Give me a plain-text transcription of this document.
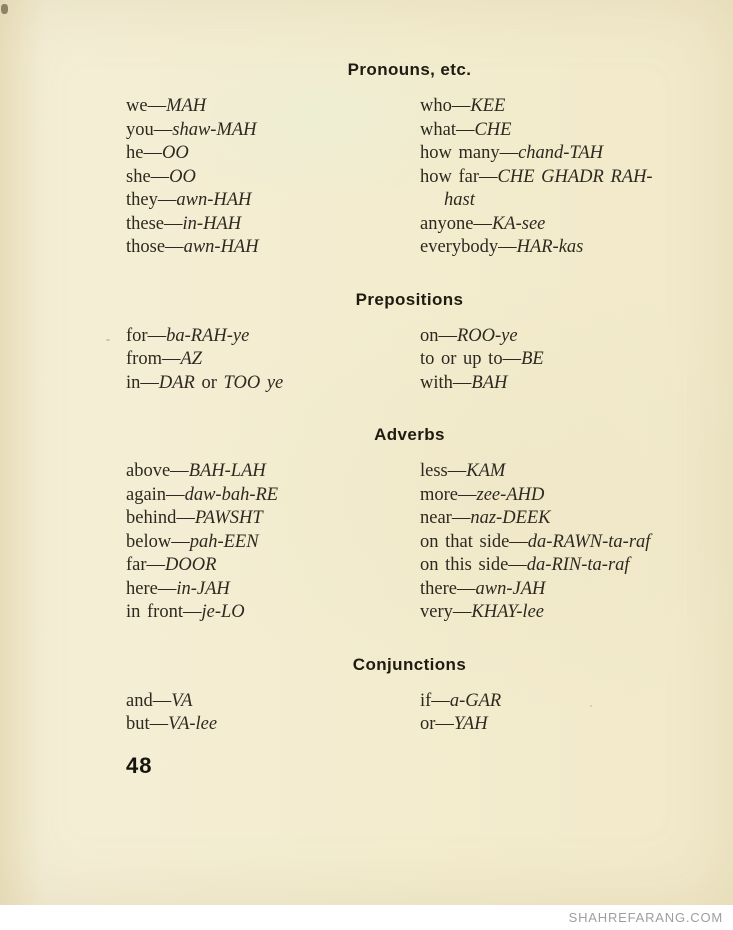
Pronouns, etc.
we—MAH
you—shaw-MAH
he—OO
she—OO
they—awn-HAH
these—in-HAH
those—awn-HAH
who—KEE
what—CHE
how many—chand-TAH
how far—CHE GHADR RAH-
hast
anyone—KA-see
everybody—HAR-kas
Prepositions
for—ba-RAH-ye
from—AZ
in—DAR or TOO ye
on—ROO-ye
to or up to—BE
with—BAH
Adverbs
above—BAH-LAH
again—daw-bah-RE
behind—PAWSHT
below—pah-EEN
far—DOOR
here—in-JAH
in front—je-LO
less—KAM
more—zee-AHD
near—naz-DEEK
on that side—da-RAWN-ta-raf
on this side—da-RIN-ta-raf
there—awn-JAH
very—KHAY-lee
Conjunctions
and—VA
but—VA-lee
if—a-GAR
or—YAH
48
SHAHREFARANG.COM
